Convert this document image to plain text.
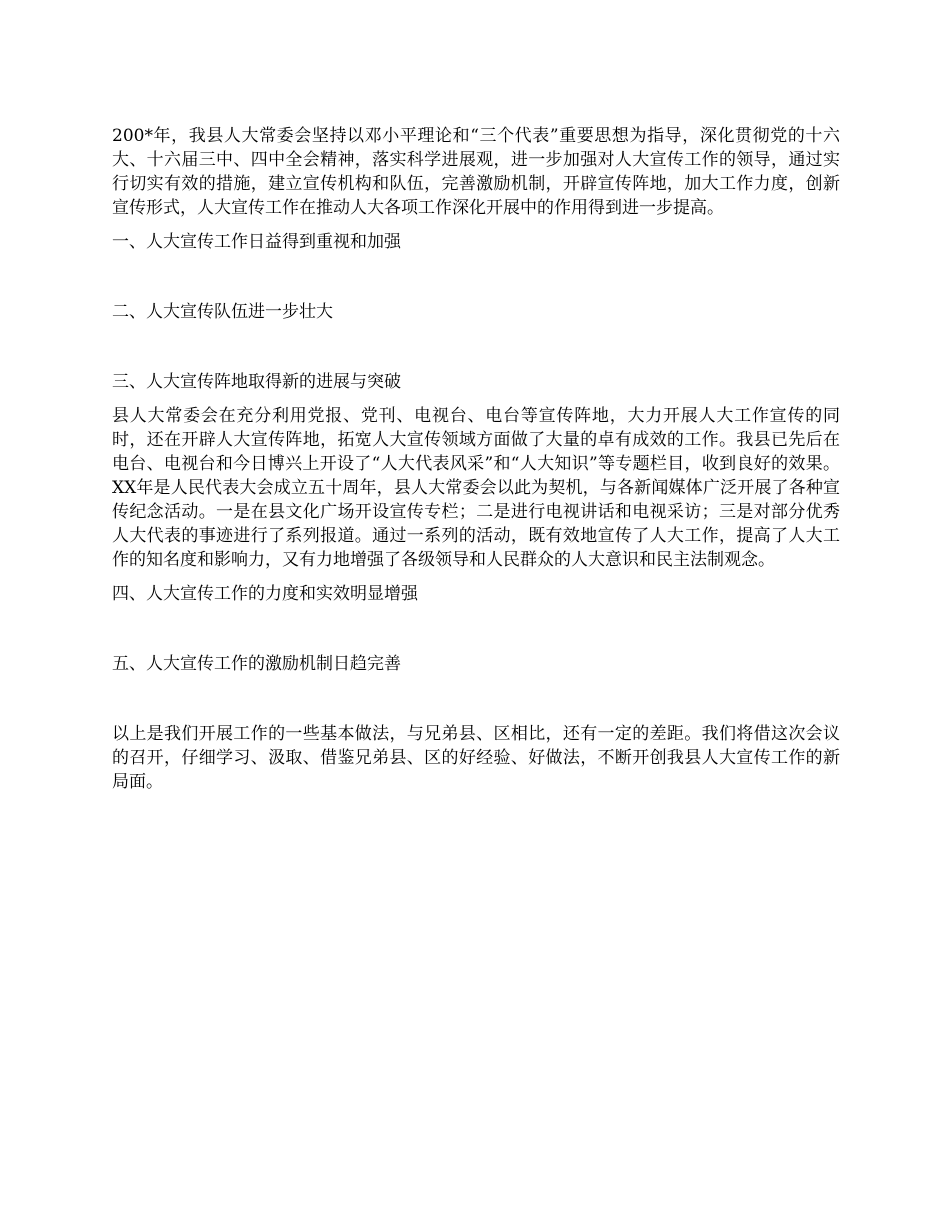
200*年，我县人大常委会坚持以邓小平理论和“三个代表”重要思想为指导，深化贯彻党的十六大、十六届三中、四中全会精神，落实科学进展观，进一步加强对人大宣传工作的领导，通过实行切实有效的措施，建立宣传机构和队伍，完善激励机制，开辟宣传阵地，加大工作力度，创新宣传形式，人大宣传工作在推动人大各项工作深化开展中的作用得到进一步提高。

一、人大宣传工作日益得到重视和加强

二、人大宣传队伍进一步壮大

三、人大宣传阵地取得新的进展与突破

县人大常委会在充分利用党报、党刊、电视台、电台等宣传阵地，大力开展人大工作宣传的同时，还在开辟人大宣传阵地，拓宽人大宣传领域方面做了大量的卓有成效的工作。我县已先后在电台、电视台和今日博兴上开设了“人大代表风采”和“人大知识”等专题栏目，收到良好的效果。XX年是人民代表大会成立五十周年，县人大常委会以此为契机，与各新闻媒体广泛开展了各种宣传纪念活动。一是在县文化广场开设宣传专栏；二是进行电视讲话和电视采访；三是对部分优秀人大代表的事迹进行了系列报道。通过一系列的活动，既有效地宣传了人大工作，提高了人大工作的知名度和影响力，又有力地增强了各级领导和人民群众的人大意识和民主法制观念。

四、人大宣传工作的力度和实效明显增强

五、人大宣传工作的激励机制日趋完善

以上是我们开展工作的一些基本做法，与兄弟县、区相比，还有一定的差距。我们将借这次会议的召开，仔细学习、汲取、借鉴兄弟县、区的好经验、好做法，不断开创我县人大宣传工作的新局面。
